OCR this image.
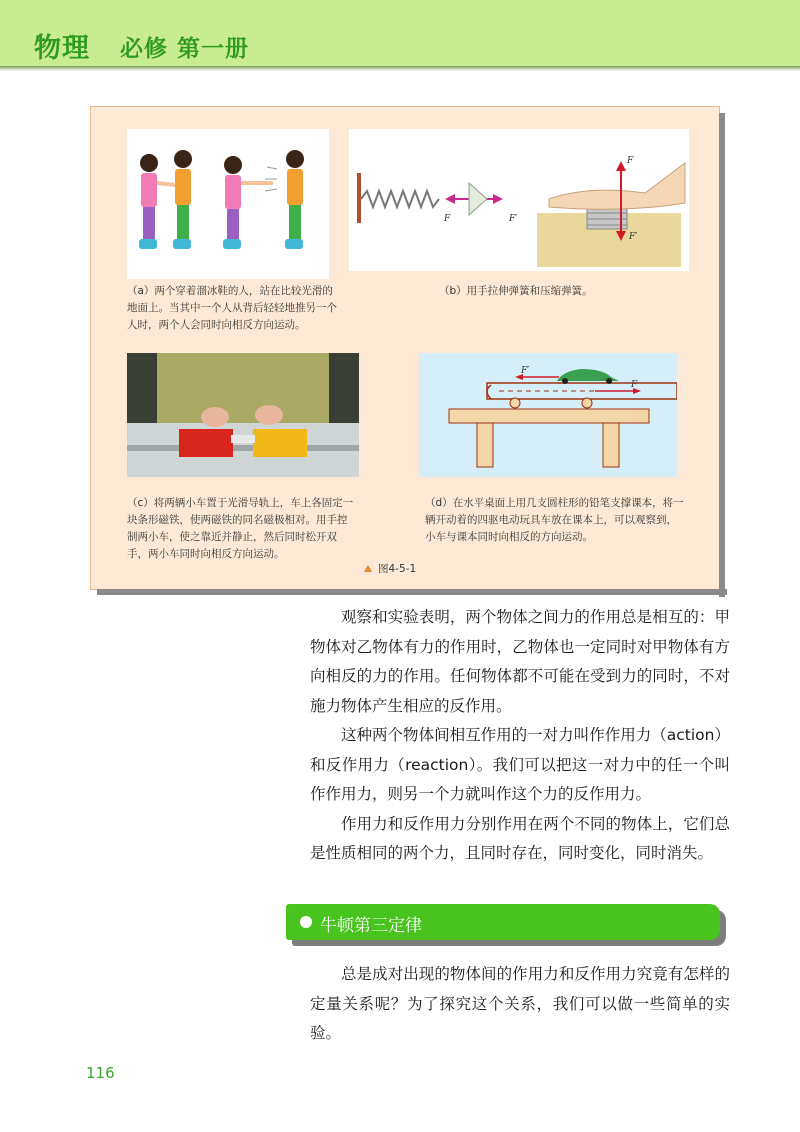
物理 必修 第一册
（a）两个穿着溜冰鞋的人，站在比较光滑的地面上。当其中一个人从背后轻轻地推另一个人时，两个人会同时向相反方向运动。
F	F′
F
F′
（b）用手拉伸弹簧和压缩弹簧。
（c）将两辆小车置于光滑导轨上，车上各固定一块条形磁铁，使两磁铁的同名磁极相对。用手控制两小车，使之靠近并静止，然后同时松开双手，两小车同时向相反方向运动。
F′
F
（d）在水平桌面上用几支圆柱形的铅笔支撑课本，将一辆开动着的四驱电动玩具车放在课本上，可以观察到，小车与课本同时向相反的方向运动。
图4-5-1

观察和实验表明，两个物体之间力的作用总是相互的：甲物体对乙物体有力的作用时，乙物体也一定同时对甲物体有方向相反的力的作用。任何物体都不可能在受到力的同时，不对施力物体产生相应的反作用。

这种两个物体间相互作用的一对力叫作作用力（action）和反作用力（reaction）。我们可以把这一对力中的任一个叫作作用力，则另一个力就叫作这个力的反作用力。

作用力和反作用力分别作用在两个不同的物体上，它们总是性质相同的两个力，且同时存在，同时变化，同时消失。

牛顿第三定律

总是成对出现的物体间的作用力和反作用力究竟有怎样的定量关系呢？为了探究这个关系，我们可以做一些简单的实验。

116
